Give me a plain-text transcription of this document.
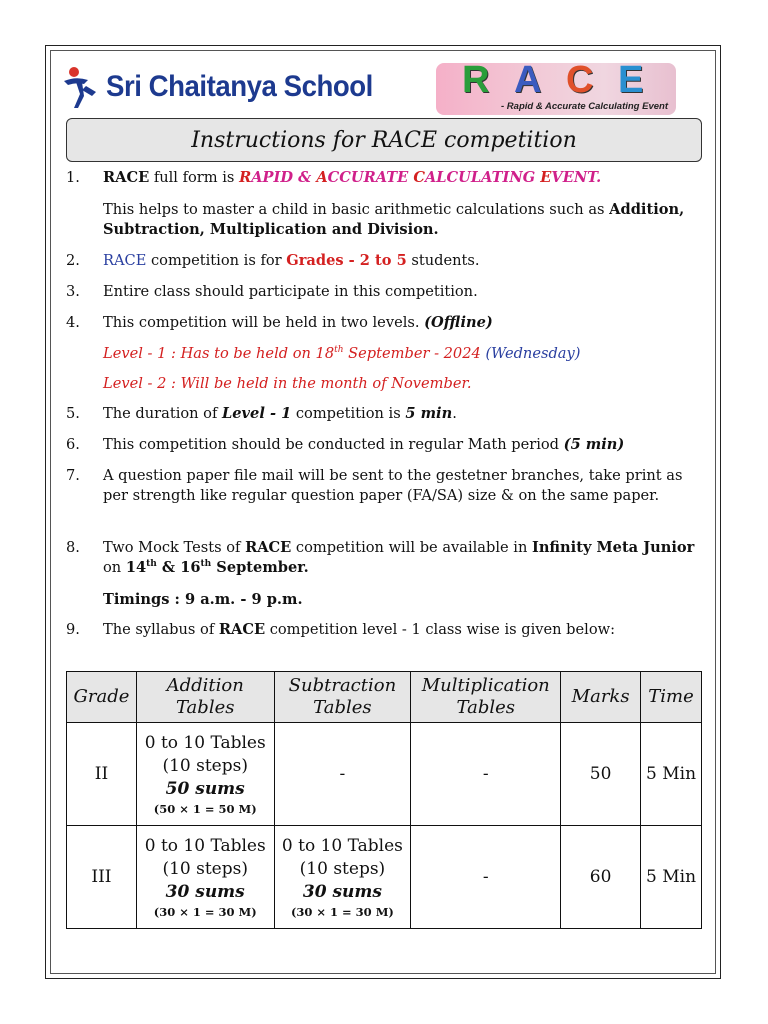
Sri Chaitanya School R A C E
- Rapid & Accurate Calculating Event
Instructions for RACE competition
1. RACE full form is RAPID & ACCURATE CALCULATING EVENT.
This helps to master a child in basic arithmetic calculations such as Addition, Subtraction, Multiplication and Division.
2. RACE competition is for Grades - 2 to 5 students.
3. Entire class should participate in this competition.
4. This competition will be held in two levels. (Offline)
Level - 1 : Has to be held on 18th September - 2024 (Wednesday)
Level - 2 : Will be held in the month of November.
5. The duration of Level - 1 competition is 5 min.
6. This competition should be conducted in regular Math period (5 min)
7. A question paper file mail will be sent to the gestetner branches, take print as per strength like regular question paper (FA/SA) size & on the same paper.
8. Two Mock Tests of RACE competition will be available in Infinity Meta Junior on 14th & 16th September.
Timings : 9 a.m. - 9 p.m.
9. The syllabus of RACE competition level - 1 class wise is given below:
Grade	Addition Tables	Subtraction Tables	Multiplication Tables	Marks	Time
II	0 to 10 Tables
(10 steps)
50 sums
(50 × 1 = 50 M)	-	-	50	5 Min
III	0 to 10 Tables
(10 steps)
30 sums
(30 × 1 = 30 M)	0 to 10 Tables
(10 steps)
30 sums
(30 × 1 = 30 M)	-	60	5 Min
